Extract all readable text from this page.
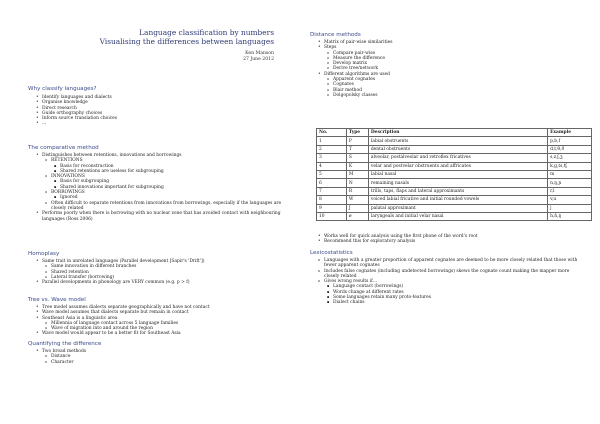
Language classification by numbers
Visualising the differences between languages
Ken Manson
27 June 2012
Why classify languages?
• Identify languages and dialects
• Organise knowledge
• Direct research
• Guide orthography choices
• Inform source translation choices
• …
The comparative method
• Distinguishes between retentions, innovations and borrowings
o RETENTIONS
▪ Basis for reconstruction
▪ Shared retentions are useless for subgrouping
o INNOVATIONS
▪ Basis for subgrouping
▪ Shared innovations important for subgrouping
o BORROWINGS
▪ Ignored
o Often difficult to separate retentions from innovations from borrowings, especially if the languages are closely related
• Performs poorly when there is borrowing with no nuclear zone that has avoided contact with neighbouring languages (Ross 2006)
Homoplasy
• Same trait in unrelated languages (Parallel development [Sapir's 'Drift'])
o Same innovation in different branches
o Shared retention
o Lateral transfer (borrowing)
• Parallel developments in phonology are VERY common (e.g. p > f)
Tree vs. Wave model
• Tree model assumes dialects separate geographically and have not contact
• Wave model assumes that dialects separate but remain in contact
• Southeast Asia is a linguistic area
o Millennia of language contact across 5 language families
o Wave of migration into and around the region
• Wave model would appear to be a better fit for Southeast Asia
Quantifying the difference
• Two broad methods
o Distance
o Character
Distance methods
• Matrix of pair-wise similarities
• Steps
o Compare pair-wise
o Measure the difference
o Develop matrix
o Derive tree/network
• Different algorithms are used
o Apparent cognates
o Cognates
o Blair method
o Dolgopolsky classes
No.	Type	Description	Example
1	P	labial obstruents	p,b,f
2	T	dental obstruents	d,t,θ,ð
3	S	alveolar, postalveolar and retroflex fricatives	s,z,ʃ,ʒ
4	K	velar and postvelar obstruents and affricates	k,g,ts,tʃ
5	M	labial nasal	m
6	N	remaining nasals	n,ŋ,ɲ
7	R	trills, taps, flaps and lateral approximants	r,l
8	W	voiced labial fricative and initial rounded vowels	v,u
9	J	palatal approximant	j
10	ø	laryngeals and initial velar nasal	h,ɦ,ŋ
• Works well for quick analysis using the first phone of the word's root
• Recommend this for exploratory analysis
Lexicostatistics
o Languages with a greater proportion of apparent cognates are deemed to be more closely related that those with fewer apparent cognates
o Includes false cognates (including undetected borrowings) skews the cognate count making the mapper more closely related
o Gives wrong results if…
▪ Language contact (borrowings)
▪ Words change at different rates
▪ Some languages retain many proto-features
▪ Dialect chains
